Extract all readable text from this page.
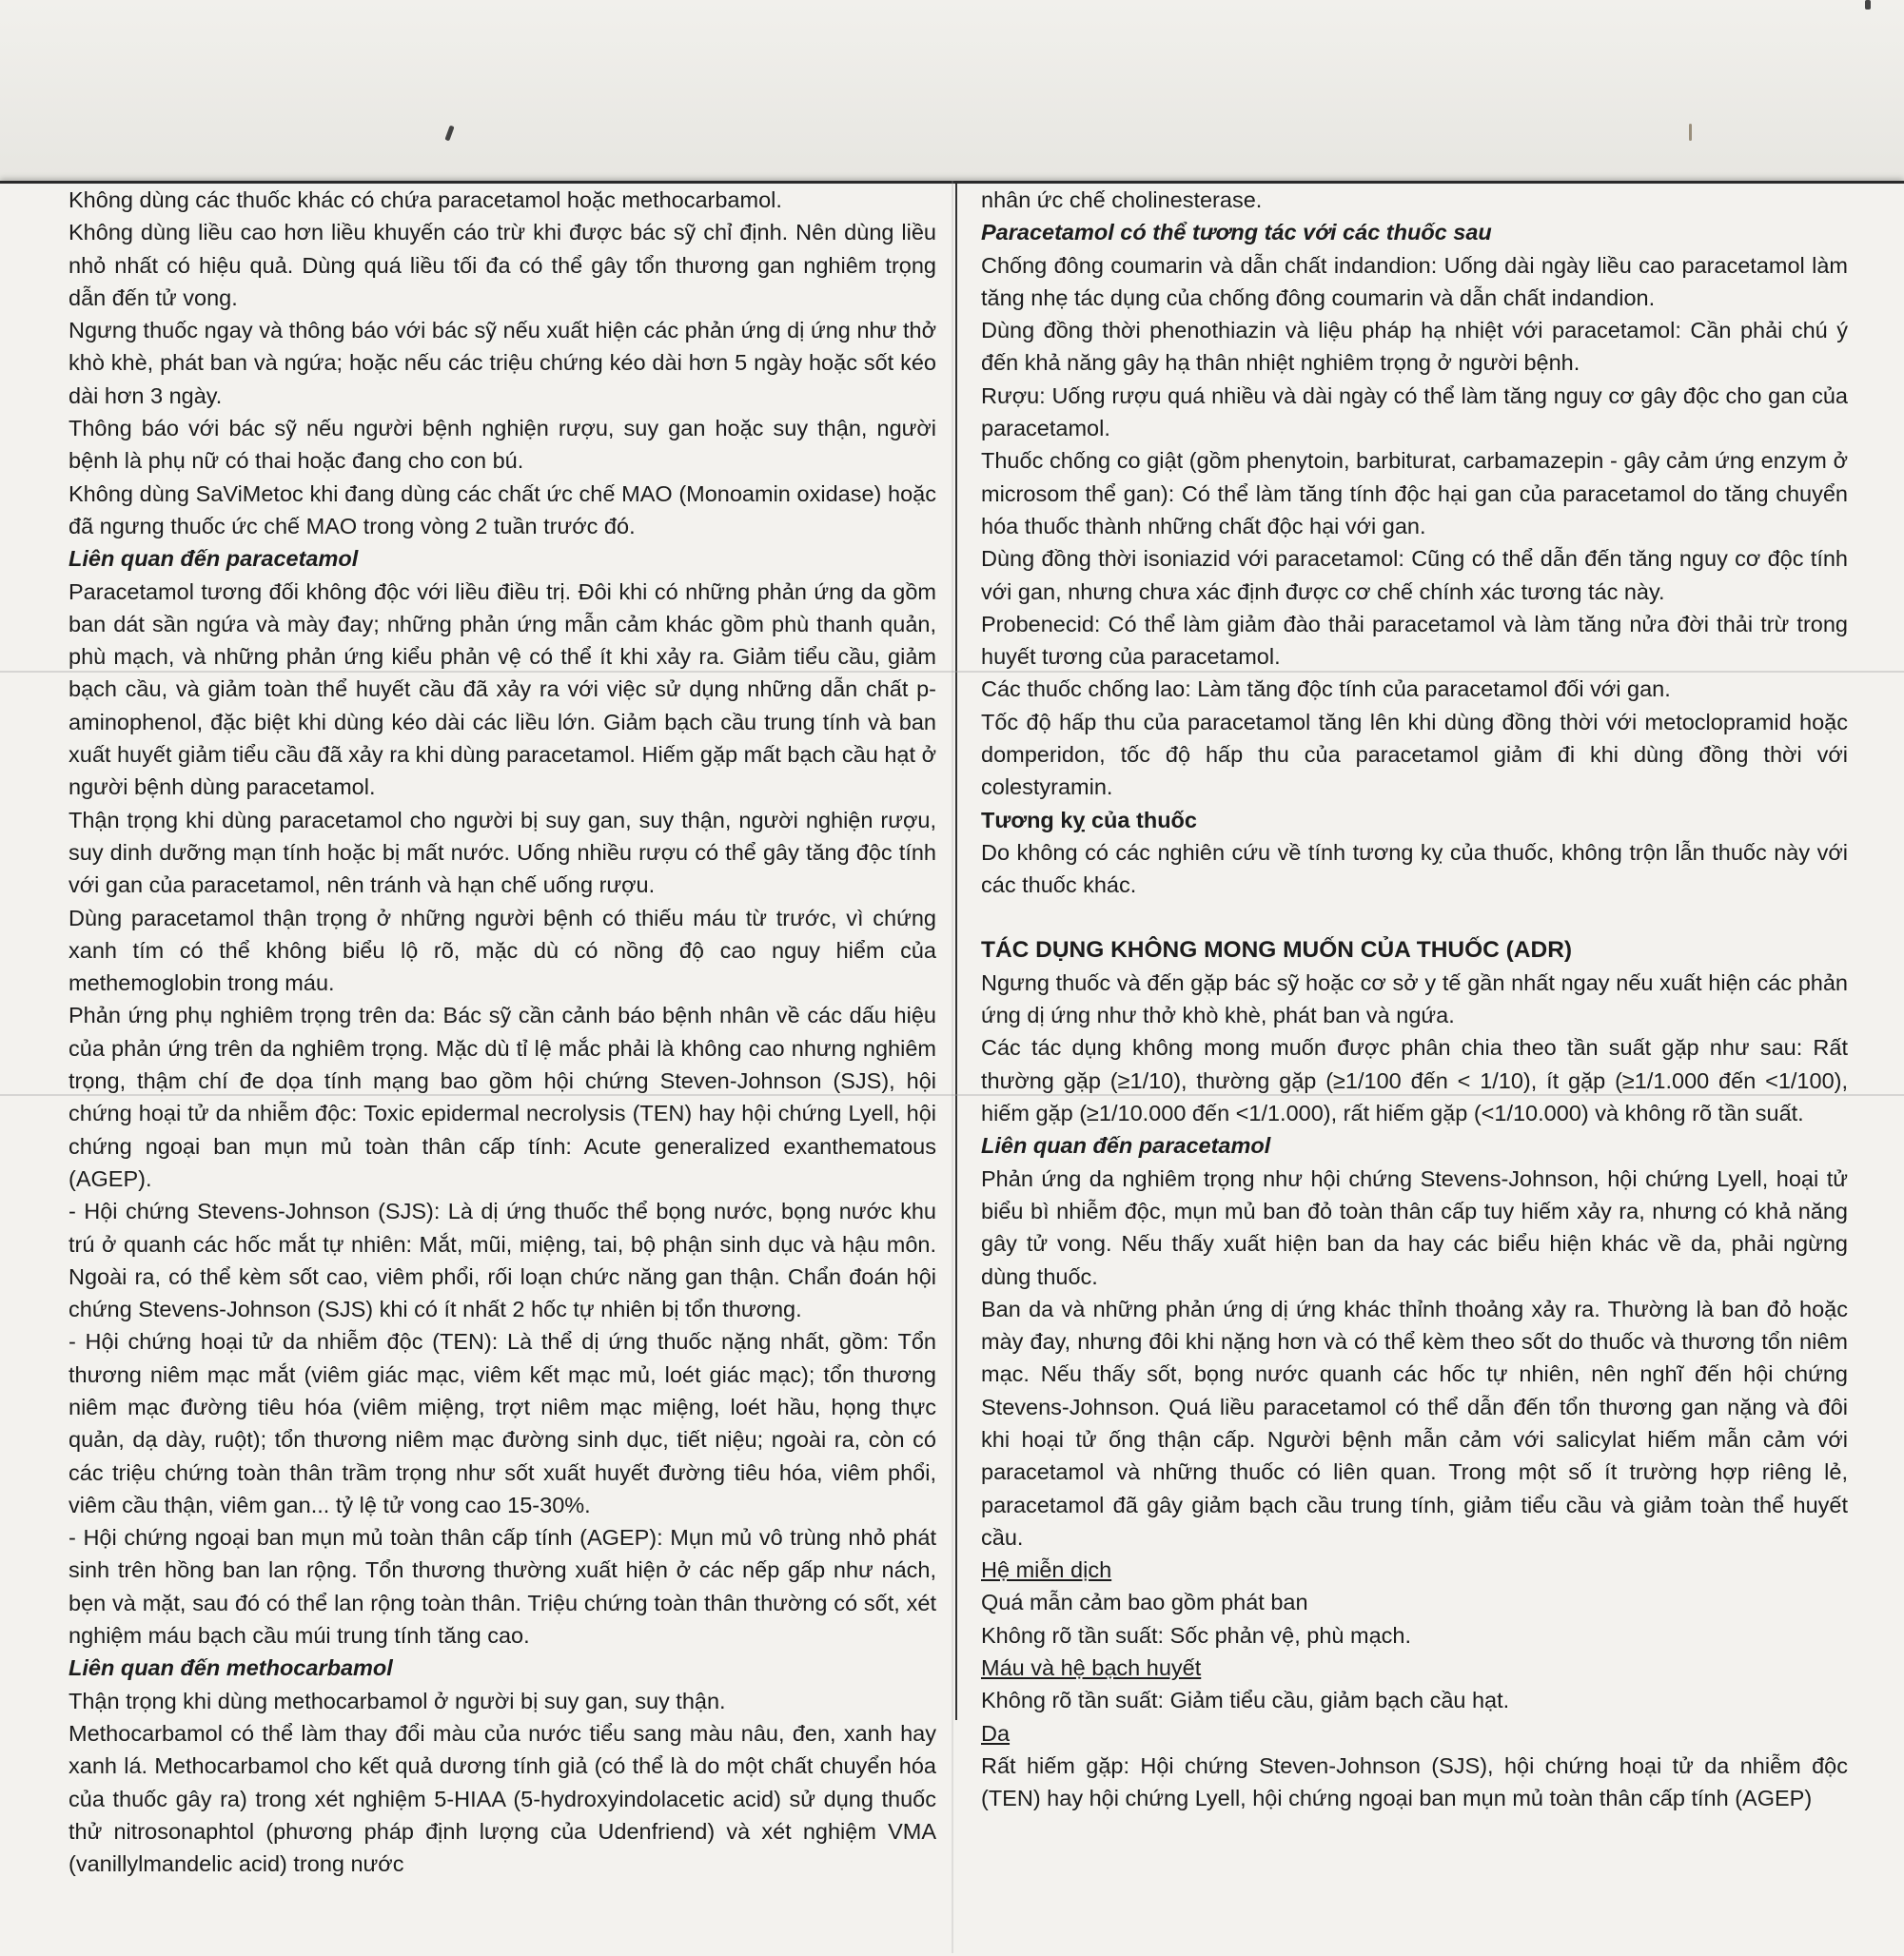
Không dùng các thuốc khác có chứa paracetamol hoặc methocarbamol.

Không dùng liều cao hơn liều khuyến cáo trừ khi được bác sỹ chỉ định. Nên dùng liều nhỏ nhất có hiệu quả. Dùng quá liều tối đa có thể gây tổn thương gan nghiêm trọng dẫn đến tử vong.

Ngưng thuốc ngay và thông báo với bác sỹ nếu xuất hiện các phản ứng dị ứng như thở khò khè, phát ban và ngứa; hoặc nếu các triệu chứng kéo dài hơn 5 ngày hoặc sốt kéo dài hơn 3 ngày.

Thông báo với bác sỹ nếu người bệnh nghiện rượu, suy gan hoặc suy thận, người bệnh là phụ nữ có thai hoặc đang cho con bú.

Không dùng SaViMetoc khi đang dùng các chất ức chế MAO (Monoamin oxidase) hoặc đã ngưng thuốc ức chế MAO trong vòng 2 tuần trước đó.

Liên quan đến paracetamol

Paracetamol tương đối không độc với liều điều trị. Đôi khi có những phản ứng da gồm ban dát sần ngứa và mày đay; những phản ứng mẫn cảm khác gồm phù thanh quản, phù mạch, và những phản ứng kiểu phản vệ có thể ít khi xảy ra. Giảm tiểu cầu, giảm bạch cầu, và giảm toàn thể huyết cầu đã xảy ra với việc sử dụng những dẫn chất p-aminophenol, đặc biệt khi dùng kéo dài các liều lớn. Giảm bạch cầu trung tính và ban xuất huyết giảm tiểu cầu đã xảy ra khi dùng paracetamol. Hiếm gặp mất bạch cầu hạt ở người bệnh dùng paracetamol.

Thận trọng khi dùng paracetamol cho người bị suy gan, suy thận, người nghiện rượu, suy dinh dưỡng mạn tính hoặc bị mất nước. Uống nhiều rượu có thể gây tăng độc tính với gan của paracetamol, nên tránh và hạn chế uống rượu.

Dùng paracetamol thận trọng ở những người bệnh có thiếu máu từ trước, vì chứng xanh tím có thể không biểu lộ rõ, mặc dù có nồng độ cao nguy hiểm của methemoglobin trong máu.

Phản ứng phụ nghiêm trọng trên da: Bác sỹ cần cảnh báo bệnh nhân về các dấu hiệu của phản ứng trên da nghiêm trọng. Mặc dù tỉ lệ mắc phải là không cao nhưng nghiêm trọng, thậm chí đe dọa tính mạng bao gồm hội chứng Steven-Johnson (SJS), hội chứng hoại tử da nhiễm độc: Toxic epidermal necrolysis (TEN) hay hội chứng Lyell, hội chứng ngoại ban mụn mủ toàn thân cấp tính: Acute generalized exanthematous (AGEP).

- Hội chứng Stevens-Johnson (SJS): Là dị ứng thuốc thể bọng nước, bọng nước khu trú ở quanh các hốc mắt tự nhiên: Mắt, mũi, miệng, tai, bộ phận sinh dục và hậu môn. Ngoài ra, có thể kèm sốt cao, viêm phổi, rối loạn chức năng gan thận. Chẩn đoán hội chứng Stevens-Johnson (SJS) khi có ít nhất 2 hốc tự nhiên bị tổn thương.

- Hội chứng hoại tử da nhiễm độc (TEN): Là thể dị ứng thuốc nặng nhất, gồm: Tổn thương niêm mạc mắt (viêm giác mạc, viêm kết mạc mủ, loét giác mạc); tổn thương niêm mạc đường tiêu hóa (viêm miệng, trợt niêm mạc miệng, loét hầu, họng thực quản, dạ dày, ruột); tổn thương niêm mạc đường sinh dục, tiết niệu; ngoài ra, còn có các triệu chứng toàn thân trầm trọng như sốt xuất huyết đường tiêu hóa, viêm phổi, viêm cầu thận, viêm gan... tỷ lệ tử vong cao 15-30%.

- Hội chứng ngoại ban mụn mủ toàn thân cấp tính (AGEP): Mụn mủ vô trùng nhỏ phát sinh trên hồng ban lan rộng. Tổn thương thường xuất hiện ở các nếp gấp như nách, bẹn và mặt, sau đó có thể lan rộng toàn thân. Triệu chứng toàn thân thường có sốt, xét nghiệm máu bạch cầu múi trung tính tăng cao.

Liên quan đến methocarbamol

Thận trọng khi dùng methocarbamol ở người bị suy gan, suy thận.

Methocarbamol có thể làm thay đổi màu của nước tiểu sang màu nâu, đen, xanh hay xanh lá. Methocarbamol cho kết quả dương tính giả (có thể là do một chất chuyển hóa của thuốc gây ra) trong xét nghiệm 5-HIAA (5-hydroxyindolacetic acid) sử dụng thuốc thử nitrosonaphtol (phương pháp định lượng của Udenfriend) và xét nghiệm VMA (vanillylmandelic acid) trong nước

nhân ức chế cholinesterase.

Paracetamol có thể tương tác với các thuốc sau

Chống đông coumarin và dẫn chất indandion: Uống dài ngày liều cao paracetamol làm tăng nhẹ tác dụng của chống đông coumarin và dẫn chất indandion.

Dùng đồng thời phenothiazin và liệu pháp hạ nhiệt với paracetamol: Cần phải chú ý đến khả năng gây hạ thân nhiệt nghiêm trọng ở người bệnh.

Rượu: Uống rượu quá nhiều và dài ngày có thể làm tăng nguy cơ gây độc cho gan của paracetamol.

Thuốc chống co giật (gồm phenytoin, barbiturat, carbamazepin - gây cảm ứng enzym ở microsom thể gan): Có thể làm tăng tính độc hại gan của paracetamol do tăng chuyển hóa thuốc thành những chất độc hại với gan.

Dùng đồng thời isoniazid với paracetamol: Cũng có thể dẫn đến tăng nguy cơ độc tính với gan, nhưng chưa xác định được cơ chế chính xác tương tác này.

Probenecid: Có thể làm giảm đào thải paracetamol và làm tăng nửa đời thải trừ trong huyết tương của paracetamol.

Các thuốc chống lao: Làm tăng độc tính của paracetamol đối với gan.

Tốc độ hấp thu của paracetamol tăng lên khi dùng đồng thời với metoclopramid hoặc domperidon, tốc độ hấp thu của paracetamol giảm đi khi dùng đồng thời với colestyramin.

Tương kỵ của thuốc

Do không có các nghiên cứu về tính tương kỵ của thuốc, không trộn lẫn thuốc này với các thuốc khác.

TÁC DỤNG KHÔNG MONG MUỐN CỦA THUỐC (ADR)

Ngưng thuốc và đến gặp bác sỹ hoặc cơ sở y tế gần nhất ngay nếu xuất hiện các phản ứng dị ứng như thở khò khè, phát ban và ngứa.

Các tác dụng không mong muốn được phân chia theo tần suất gặp như sau: Rất thường gặp (≥1/10), thường gặp (≥1/100 đến < 1/10), ít gặp (≥1/1.000 đến <1/100), hiếm gặp (≥1/10.000 đến <1/1.000), rất hiếm gặp (<1/10.000) và không rõ tần suất.

Liên quan đến paracetamol

Phản ứng da nghiêm trọng như hội chứng Stevens-Johnson, hội chứng Lyell, hoại tử biểu bì nhiễm độc, mụn mủ ban đỏ toàn thân cấp tuy hiếm xảy ra, nhưng có khả năng gây tử vong. Nếu thấy xuất hiện ban da hay các biểu hiện khác về da, phải ngừng dùng thuốc.

Ban da và những phản ứng dị ứng khác thỉnh thoảng xảy ra. Thường là ban đỏ hoặc mày đay, nhưng đôi khi nặng hơn và có thể kèm theo sốt do thuốc và thương tổn niêm mạc. Nếu thấy sốt, bọng nước quanh các hốc tự nhiên, nên nghĩ đến hội chứng Stevens-Johnson. Quá liều paracetamol có thể dẫn đến tổn thương gan nặng và đôi khi hoại tử ống thận cấp. Người bệnh mẫn cảm với salicylat hiếm mẫn cảm với paracetamol và những thuốc có liên quan. Trong một số ít trường hợp riêng lẻ, paracetamol đã gây giảm bạch cầu trung tính, giảm tiểu cầu và giảm toàn thể huyết cầu.

Hệ miễn dịch

Quá mẫn cảm bao gồm phát ban

Không rõ tần suất: Sốc phản vệ, phù mạch.

Máu và hệ bạch huyết

Không rõ tần suất: Giảm tiểu cầu, giảm bạch cầu hạt.

Da

Rất hiếm gặp: Hội chứng Steven-Johnson (SJS), hội chứng hoại tử da nhiễm độc (TEN) hay hội chứng Lyell, hội chứng ngoại ban mụn mủ toàn thân cấp tính (AGEP)
